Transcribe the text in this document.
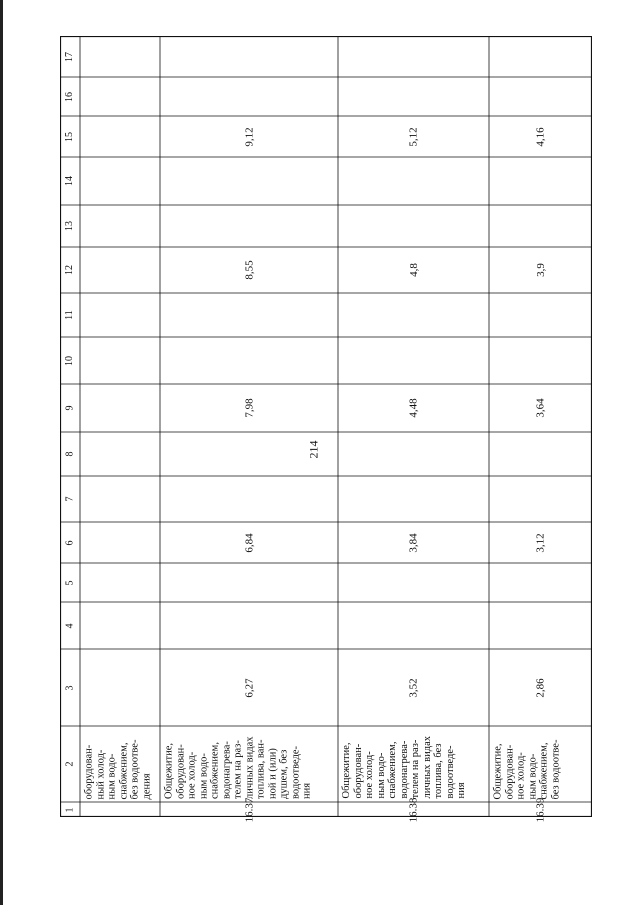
214
1
2
3
4
5
6
7
8
9
10
11
12
13
14
15
16
17
оборудован- ный холод- ным водо- снабжением, без водоотве- дения
16.37
Общежитие, оборудован- ное холод- ным водо- снабжением, водонагрева- телем на раз- личных видах топлива, ван- ной и (или) душем, без водоотведе- ния
6,27
6,84
7,98
8,55
9,12
16.38
Общежитие, оборудован- ное холод- ным водо- снабжением, водонагрева- телем на раз- личных видах топлива, без водоотведе- ния
3,52
3,84
4,48
4,8
5,12
16.39
Общежитие, оборудован- ное холод- ным водо- снабжением, без водоотве-
2,86
3,12
3,64
3,9
4,16
